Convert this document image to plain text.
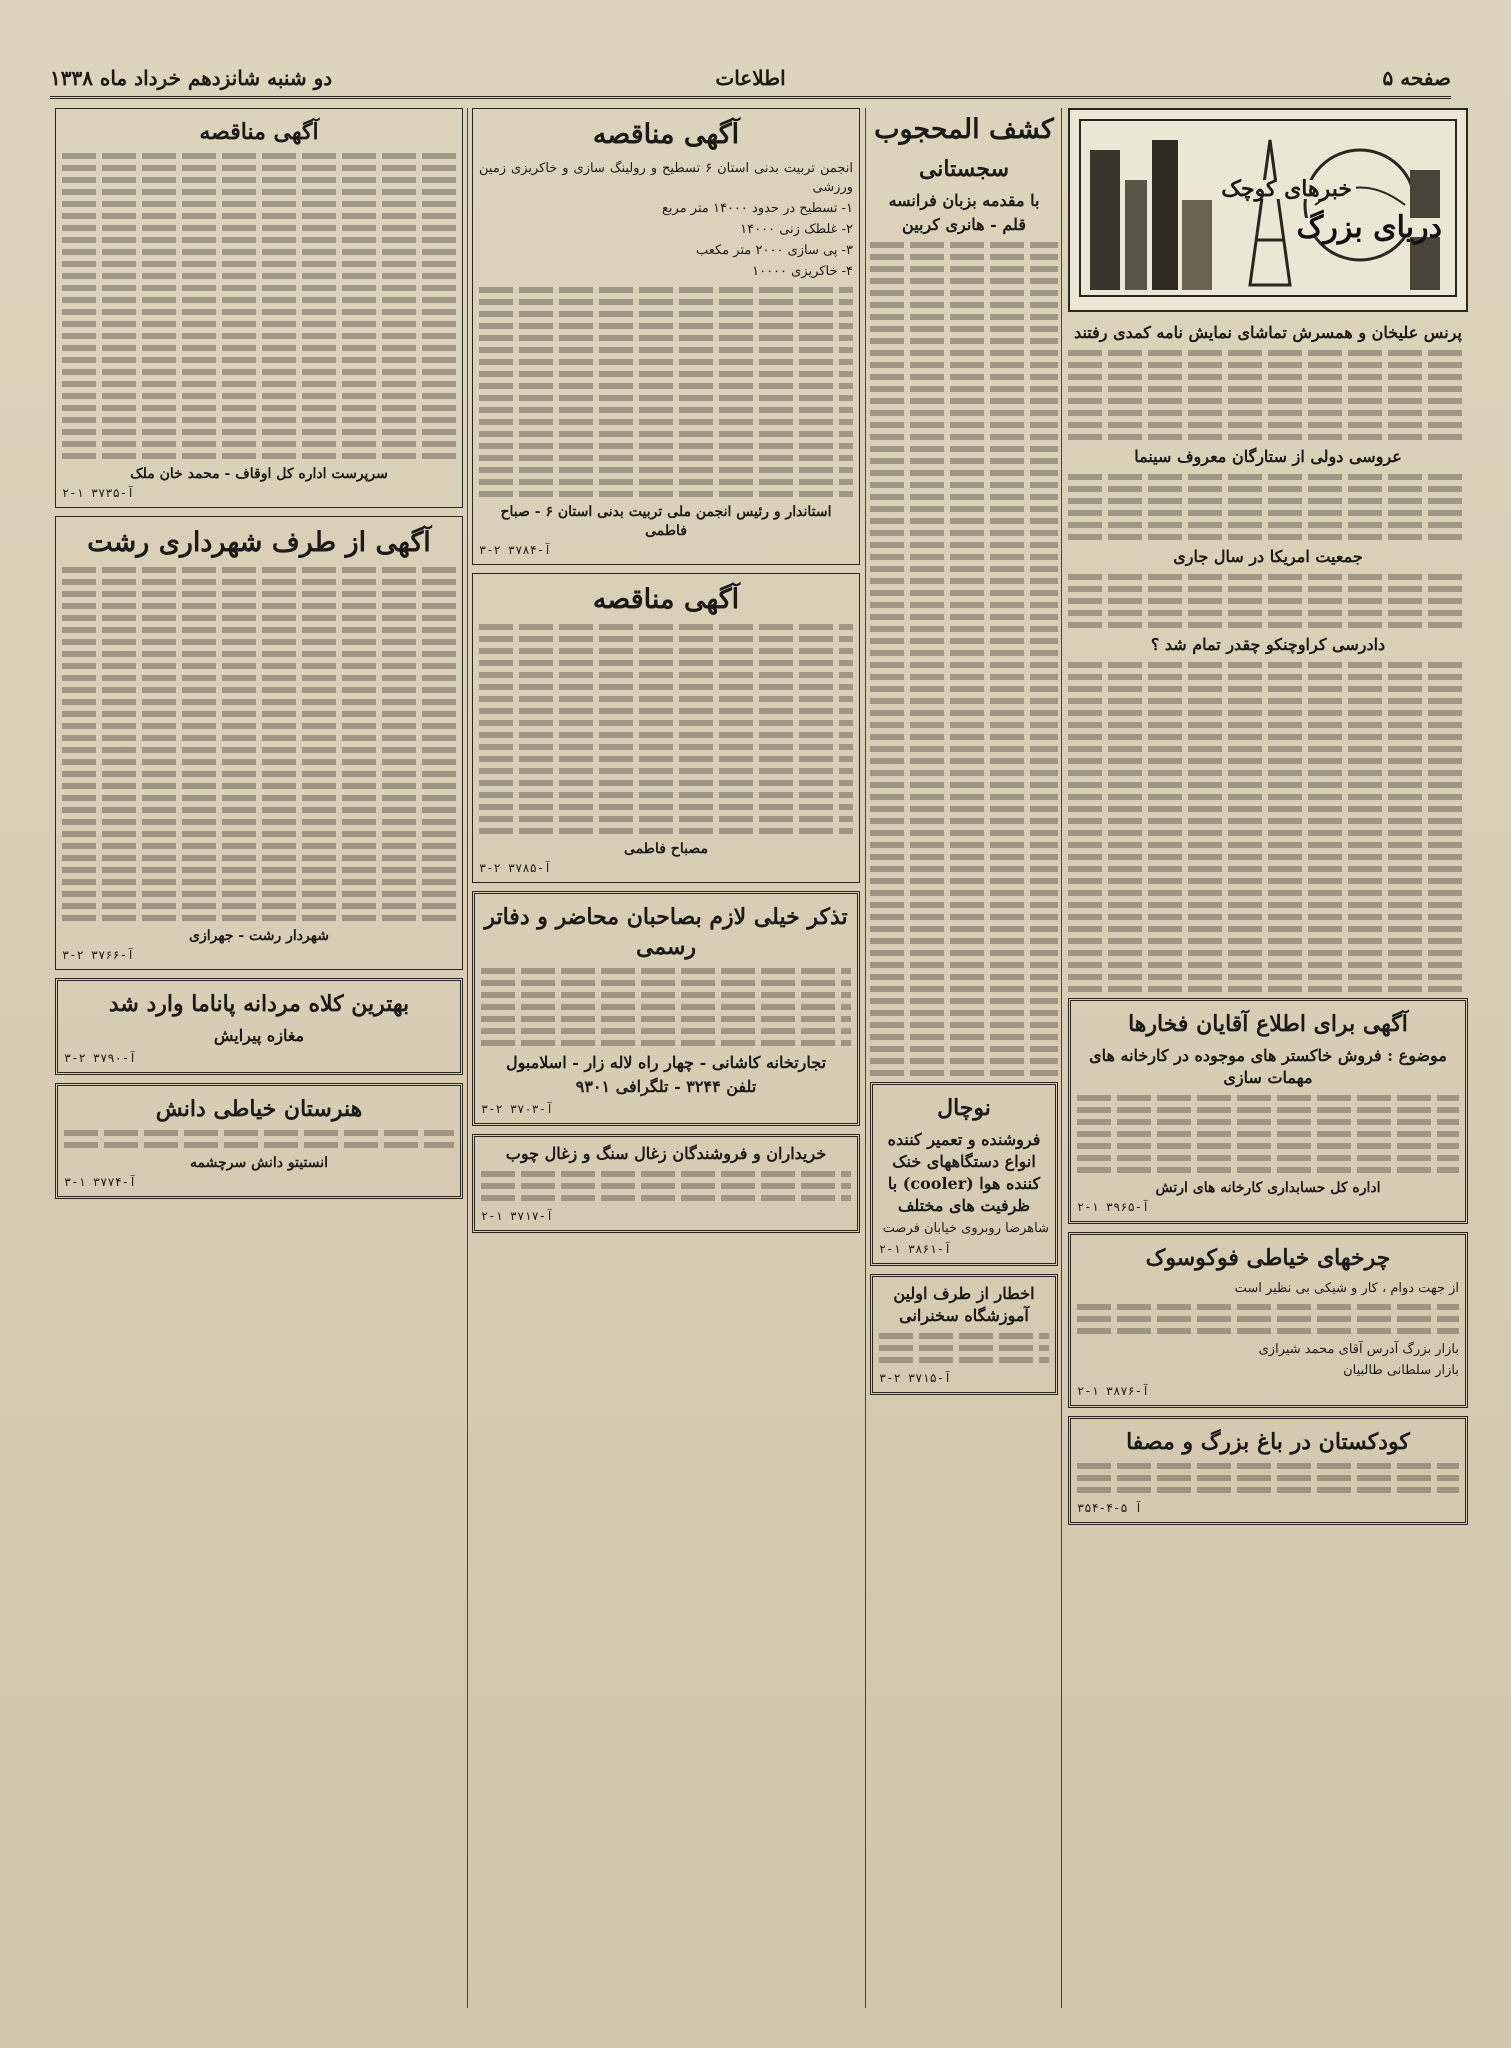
صفحه ۵
اطلاعات
دو شنبه شانزدهم خرداد ماه ۱۳۳۸
خبرهای کوچک
دریای بزرگ
پرنس علیخان و همسرش تماشای نمایش نامه کمدی رفتند
عروسی دولی از ستارگان معروف سینما
جمعیت امریکا در سال جاری
دادرسی کراوچنکو چقدر تمام شد ؟
آگهی برای اطلاع آقایان فخارها
موضوع : فروش خاکستر های موجوده در کارخانه های مهمات سازی
اداره کل حسابداری کارخانه های ارتش
۲-۱ ۳۹۶۵-آ
چرخهای خیاطی فوکوسوک
از جهت دوام ، کار و شیکی بی نظیر است
بازار بزرگ آدرس آقای محمد شیرازی
بازار سلطانی طالبیان
۲-۱ ۳۸۷۶-آ
کودکستان در باغ بزرگ و مصفا
۳۵۴-آ ۵-۴
کشف المحجوب
سجستانی
با مقدمه بزبان فرانسه
قلم - هانری کربین
نوچال
فروشنده و تعمیر کننده انواع دستگاههای خنک کننده هوا (cooler) با ظرفیت های مختلف
شاهرضا روبروی خیابان فرصت
۲-۱ ۳۸۶۱-آ
اخطار از طرف اولین آموزشگاه سخنرانی
۳-۲ ۳۷۱۵-آ
آگهی مناقصه
انجمن تربیت بدنی استان ۶ تسطیح و رولینگ سازی و خاکریزی زمین ورزشی
۱- تسطیح در حدود ۱۴۰۰۰ متر مربع
۲- غلطک زنی ۱۴۰۰۰
۳- پی سازی ۲۰۰۰ متر مکعب
۴- خاکریزی ۱۰۰۰۰
استاندار و رئیس انجمن ملی تربیت بدنی استان ۶ - صباح فاطمی
۳-۲ ۳۷۸۴-آ
آگهی مناقصه
مصباح فاطمی
۳-۲ ۳۷۸۵-آ
تذکر خیلی لازم بصاحبان محاضر و دفاتر رسمی
تجارتخانه کاشانی - چهار راه لاله زار - اسلامبول
تلفن ۳۲۴۴ - تلگرافی ۹۳۰۱
۳-۲ ۳۷۰۳-آ
خریداران و فروشندگان زغال سنگ و زغال چوب
۲-۱ ۳۷۱۷-آ
آگهی مناقصه
سرپرست اداره کل اوقاف - محمد خان ملک
۲-۱ ۳۷۳۵-آ
آگهی از طرف شهرداری رشت
شهردار رشت - جهرازی
۳-۲ ۳۷۶۶-آ
بهترین کلاه مردانه پاناما وارد شد
مغازه پیرایش
۳-۲ ۳۷۹۰-آ
هنرستان خیاطی دانش
انستیتو دانش سرچشمه
۳-۱ ۳۷۷۴-آ
